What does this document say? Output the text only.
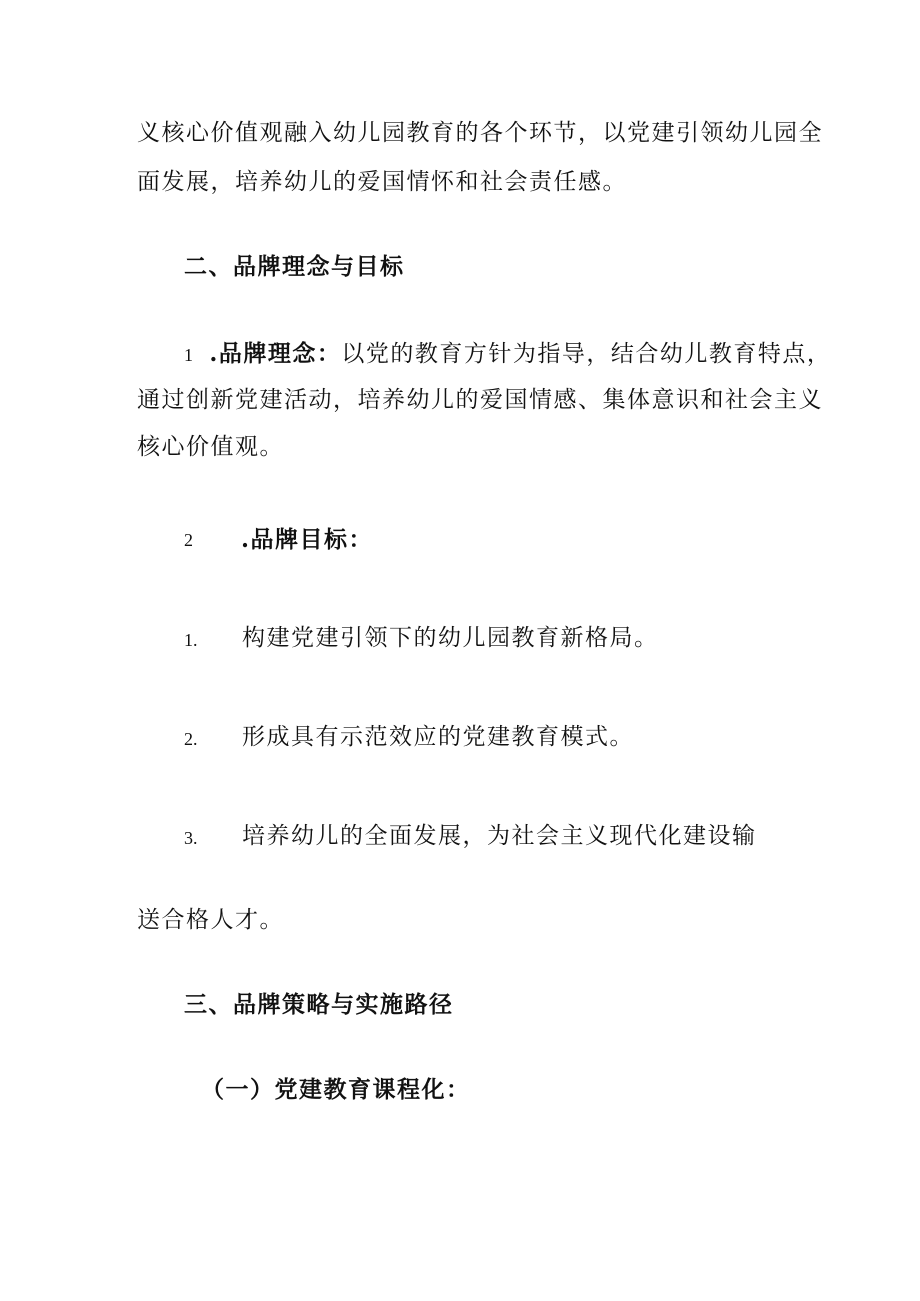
义核心价值观融入幼儿园教育的各个环节，以党建引领幼儿园全
面发展，培养幼儿的爱国情怀和社会责任感。
二、品牌理念与目标
1 .品牌理念：以党的教育方针为指导，结合幼儿教育特点，
通过创新党建活动，培养幼儿的爱国情感、集体意识和社会主义
核心价值观。
2 .品牌目标：
1. 构建党建引领下的幼儿园教育新格局。
2. 形成具有示范效应的党建教育模式。
3. 培养幼儿的全面发展，为社会主义现代化建设输
送合格人才。
三、品牌策略与实施路径
（一）党建教育课程化：
